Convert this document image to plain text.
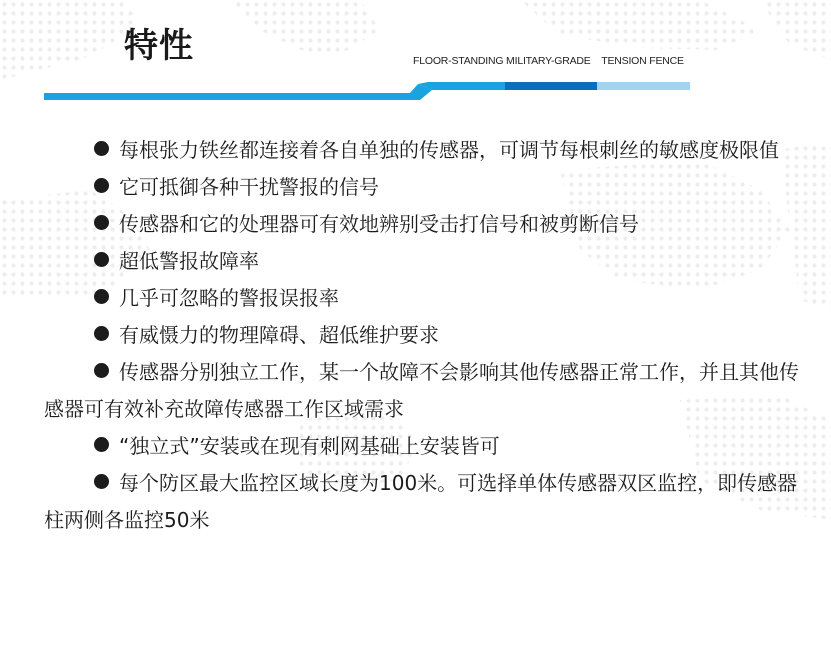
特性	FLOOR-STANDING MILITARY-GRADE    TENSION FENCE

每根张力铁丝都连接着各自单独的传感器，可调节每根刺丝的敏感度极限值

它可抵御各种干扰警报的信号

传感器和它的处理器可有效地辨别受击打信号和被剪断信号

超低警报故障率

几乎可忽略的警报误报率

有威慑力的物理障碍、超低维护要求

传感器分别独立工作，某一个故障不会影响其他传感器正常工作，并且其他传感器可有效补充故障传感器工作区域需求

“独立式”安装或在现有刺网基础上安装皆可

每个防区最大监控区域长度为100米。可选择单体传感器双区监控，即传感器柱两侧各监控50米
